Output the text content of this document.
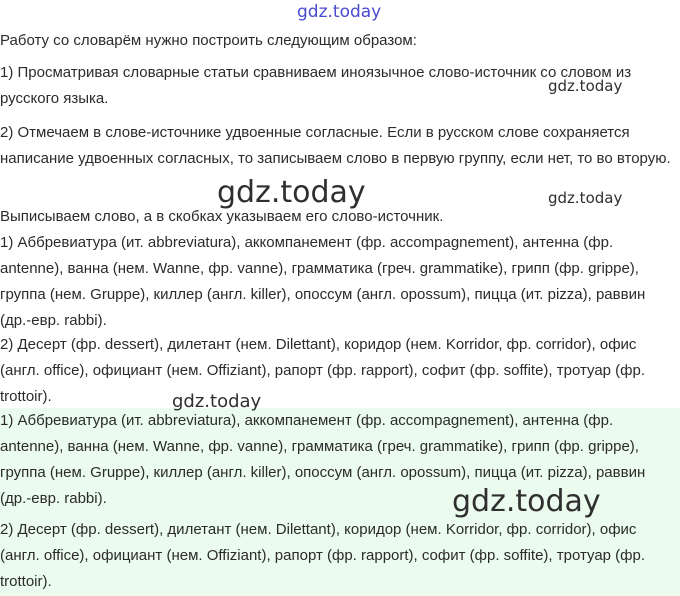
gdz.today

Работу со словарём нужно построить следующим образом:

1) Просматривая словарные статьи сравниваем иноязычное слово-источник со словом из русского языка.

2) Отмечаем в слове-источнике удвоенные согласные. Если в русском слове сохраняется написание удвоенных согласных, то записываем слово в первую группу, если нет, то во вторую.

Выписываем слово, а в скобках указываем его слово-источник.

1) Аббревиатура (ит. abbreviatura), аккомпанемент (фр. accompagnement), антенна (фр. antenne), ванна (нем. Wanne, фр. vanne), грамматика (греч. grammatike), грипп (фр. grippe), группа (нем. Gruppe), киллер (англ. killer), опоссум (англ. opossum), пицца (ит. pizza), раввин (др.-евр. rabbi).

2) Десерт (фр. dessert), дилетант (нем. Dilettant), коридор (нем. Korridor, фр. corridor), офис (англ. office), официант (нем. Offiziant), рапорт (фр. rapport), софит (фр. soffite), тротуар (фр. trottoir).

1) Аббревиатура (ит. abbreviatura), аккомпанемент (фр. accompagnement), антенна (фр. antenne), ванна (нем. Wanne, фр. vanne), грамматика (греч. grammatike), грипп (фр. grippe), группа (нем. Gruppe), киллер (англ. killer), опоссум (англ. opossum), пицца (ит. pizza), раввин (др.-евр. rabbi).

2) Десерт (фр. dessert), дилетант (нем. Dilettant), коридор (нем. Korridor, фр. corridor), офис (англ. office), официант (нем. Offiziant), рапорт (фр. rapport), софит (фр. soffite), тротуар (фр. trottoir).

gdz.today
gdz.today	gdz.today
gdz.today
gdz.today
